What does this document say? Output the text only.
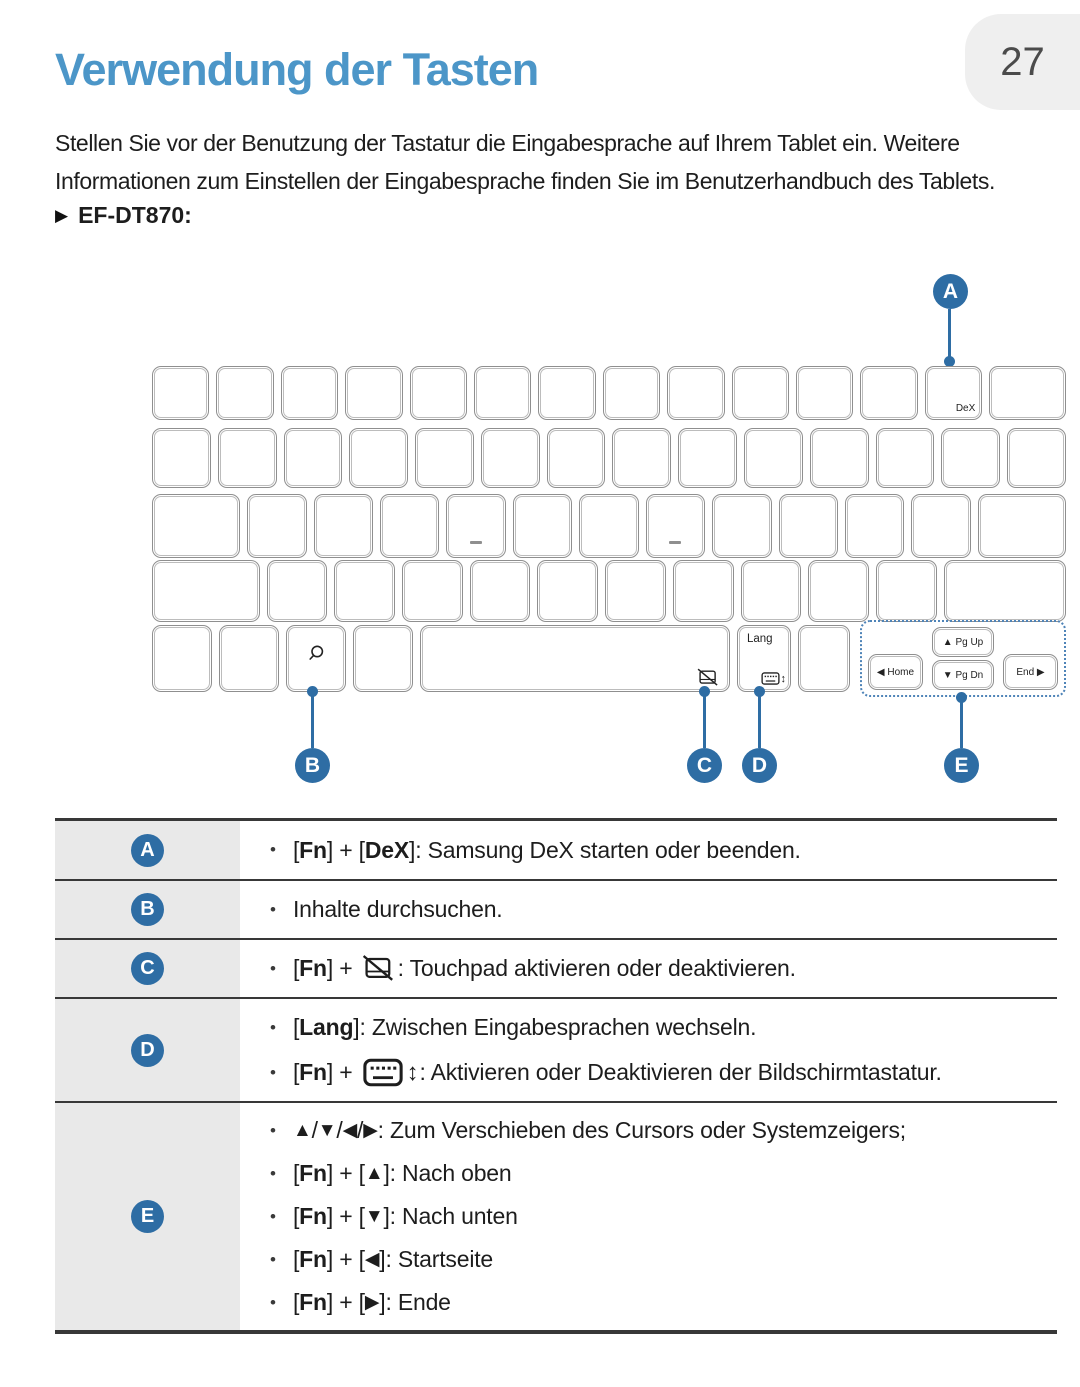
Verwendung der Tasten	27
Stellen Sie vor der Benutzung der Tastatur die Eingabesprache auf Ihrem Tablet ein. Weitere
Informationen zum Einstellen der Eingabesprache finden Sie im Benutzerhandbuch des Tablets.
▶ EF-DT870:
A
DeX
Lang
↕
◀ Home
▲ Pg Up
▼ Pg Dn	End ▶
B	C	D	E
A	• [ Fn ] + [ DeX ]: Samsung DeX starten oder beenden.
B	• Inhalte durchsuchen.
C	• [ Fn ] + : Touchpad aktivieren oder deaktivieren.
D
• [ Lang ]: Zwischen Eingabesprachen wechseln.
• [ Fn ] + ↕ : Aktivieren oder Deaktivieren der Bildschirmtastatur.
E
• ▲ / ▼ / ◀ / ▶ : Zum Verschieben des Cursors oder Systemzeigers;
• [ Fn ] + [ ▲ ]: Nach oben
• [ Fn ] + [ ▼ ]: Nach unten
• [ Fn ] + [ ◀ ]: Startseite
• [ Fn ] + [ ▶ ]: Ende
